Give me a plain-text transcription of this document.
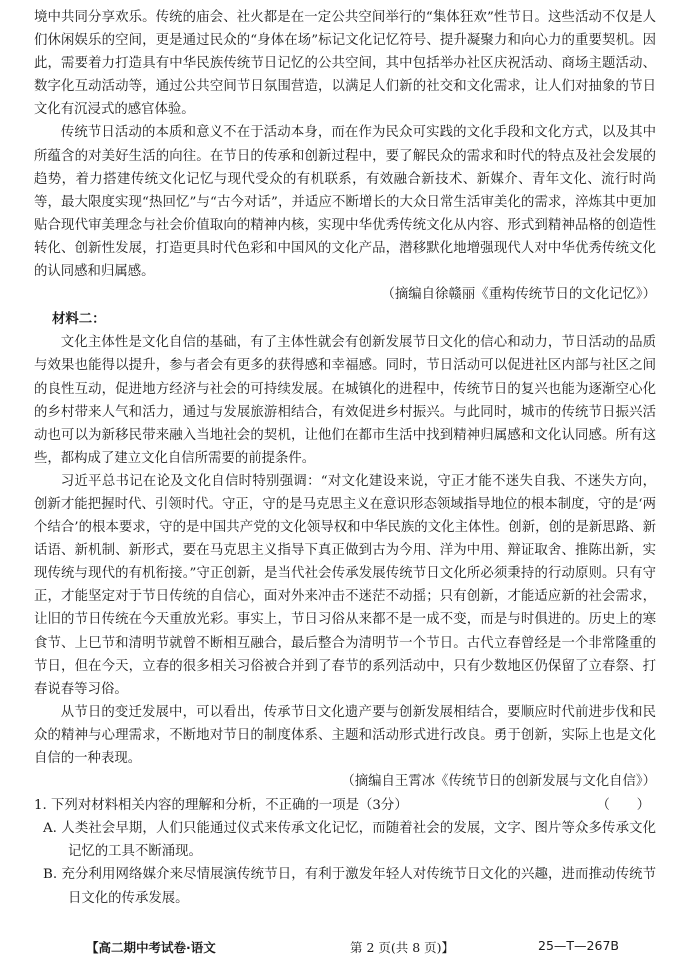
境中共同分享欢乐。传统的庙会、社火都是在一定公共空间举行的“集体狂欢”性节日。这些活动不仅是人们休闲娱乐的空间，更是通过民众的“身体在场”标记文化记忆符号、提升凝聚力和向心力的重要契机。因此，需要着力打造具有中华民族传统节日记忆的公共空间，其中包括举办社区庆祝活动、商场主题活动、数字化互动活动等，通过公共空间节日氛围营造，以满足人们新的社交和文化需求，让人们对抽象的节日文化有沉浸式的感官体验。

传统节日活动的本质和意义不在于活动本身，而在作为民众可实践的文化手段和文化方式，以及其中所蕴含的对美好生活的向往。在节日的传承和创新过程中，要了解民众的需求和时代的特点及社会发展的趋势，着力搭建传统文化记忆与现代受众的有机联系，有效融合新技术、新媒介、青年文化、流行时尚等，最大限度实现“热回忆”与“古今对话”，并适应不断增长的大众日常生活审美化的需求，淬炼其中更加贴合现代审美理念与社会价值取向的精神内核，实现中华优秀传统文化从内容、形式到精神品格的创造性转化、创新性发展，打造更具时代色彩和中国风的文化产品，潜移默化地增强现代人对中华优秀传统文化的认同感和归属感。

（摘编自徐赣丽《重构传统节日的文化记忆》）

材料二：

文化主体性是文化自信的基础，有了主体性就会有创新发展节日文化的信心和动力，节日活动的品质与效果也能得以提升，参与者会有更多的获得感和幸福感。同时，节日活动可以促进社区内部与社区之间的良性互动，促进地方经济与社会的可持续发展。在城镇化的进程中，传统节日的复兴也能为逐渐空心化的乡村带来人气和活力，通过与发展旅游相结合，有效促进乡村振兴。与此同时，城市的传统节日振兴活动也可以为新移民带来融入当地社会的契机，让他们在都市生活中找到精神归属感和文化认同感。所有这些，都构成了建立文化自信所需要的前提条件。

习近平总书记在论及文化自信时特别强调：“对文化建设来说，守正才能不迷失自我、不迷失方向，创新才能把握时代、引领时代。守正，守的是马克思主义在意识形态领域指导地位的根本制度，守的是‘两个结合’的根本要求，守的是中国共产党的文化领导权和中华民族的文化主体性。创新，创的是新思路、新话语、新机制、新形式，要在马克思主义指导下真正做到古为今用、洋为中用、辩证取舍、推陈出新，实现传统与现代的有机衔接。”守正创新，是当代社会传承发展传统节日文化所必须秉持的行动原则。只有守正，才能坚定对于节日传统的自信心，面对外来冲击不迷茫不动摇；只有创新，才能适应新的社会需求，让旧的节日传统在今天重放光彩。事实上，节日习俗从来都不是一成不变，而是与时俱进的。历史上的寒食节、上巳节和清明节就曾不断相互融合，最后整合为清明节一个节日。古代立春曾经是一个非常隆重的节日，但在今天，立春的很多相关习俗被合并到了春节的系列活动中，只有少数地区仍保留了立春祭、打春说春等习俗。

从节日的变迁发展中，可以看出，传承节日文化遗产要与创新发展相结合，要顺应时代前进步伐和民众的精神与心理需求，不断地对节日的制度体系、主题和活动形式进行改良。勇于创新，实际上也是文化自信的一种表现。

（摘编自王霄冰《传统节日的创新发展与文化自信》）

1. 下列对材料相关内容的理解和分析，不正确的一项是（3分）	（　　）
A. 人类社会早期，人们只能通过仪式来传承文化记忆，而随着社会的发展，文字、图片等众多传承文化记忆的工具不断涌现。
B. 充分利用网络媒介来尽情展演传统节日，有利于激发年轻人对传统节日文化的兴趣，进而推动传统节日文化的传承发展。
【高二期中考试卷·语文	第 2 页(共 8 页)】	25—T—267B
